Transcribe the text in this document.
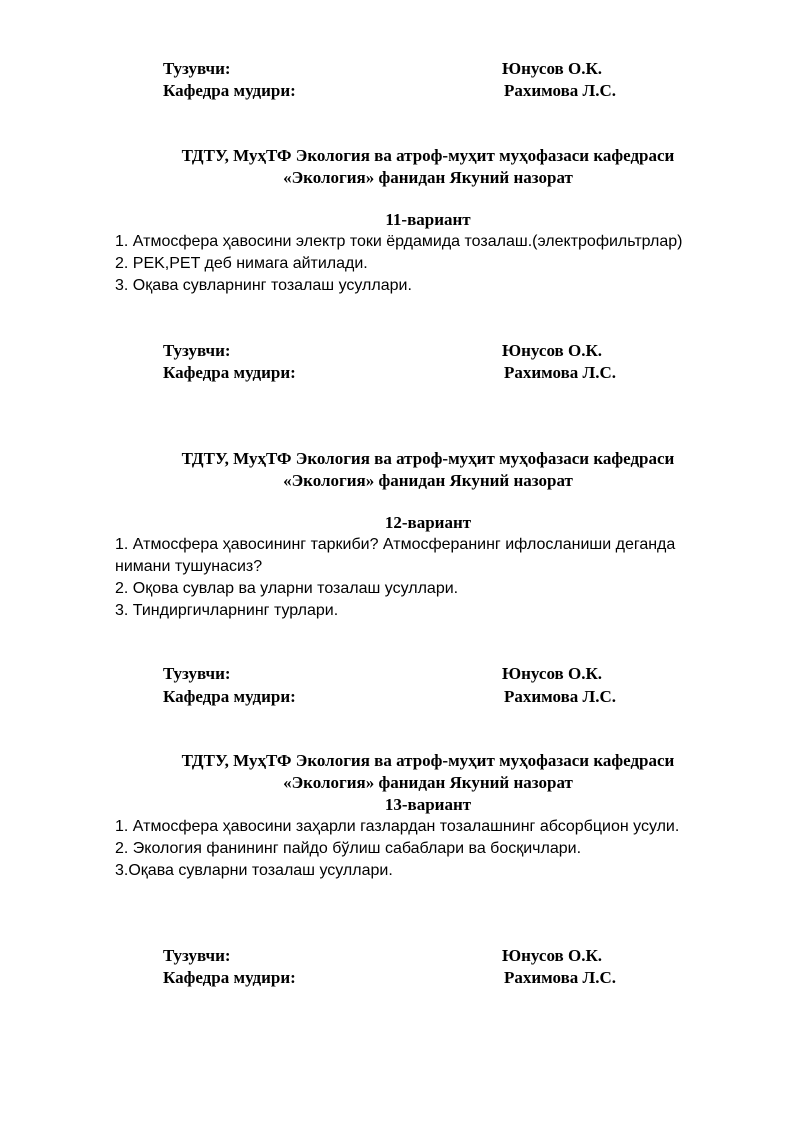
Тузувчи:	Юнусов О.К.
Кафедра мудири:	Рахимова Л.С.
ТДТУ, МуҳТФ Экология ва атроф-муҳит муҳофазаси кафедраси
«Экология» фанидан Якуний назорат
11-вариант
1. Атмосфера ҳавосини электр токи ёрдамида тозалаш.(электрофильтрлар)
2. PEK,PET деб нимага айтилади.
3. Оқава сувларнинг тозалаш усуллари.
Тузувчи:	Юнусов О.К.
Кафедра мудири:	Рахимова Л.С.
ТДТУ, МуҳТФ Экология ва атроф-муҳит муҳофазаси кафедраси
«Экология» фанидан Якуний назорат
12-вариант
1. Атмосфера ҳавосининг таркиби? Атмосферанинг ифлосланиши деганда
нимани тушунасиз?
2. Оқова сувлар ва уларни тозалаш усуллари.
3. Тиндиргичларнинг турлари.
Тузувчи:	Юнусов О.К.
Кафедра мудири:	Рахимова Л.С.
ТДТУ, МуҳТФ Экология ва атроф-муҳит муҳофазаси кафедраси
«Экология» фанидан Якуний назорат
13-вариант
1. Атмосфера ҳавосини заҳарли газлардан тозалашнинг абсорбцион усули.
2. Экология фанининг пайдо бўлиш сабаблари ва босқичлари.
3.Оқава сувларни тозалаш усуллари.
Тузувчи:	Юнусов О.К.
Кафедра мудири:	Рахимова Л.С.
